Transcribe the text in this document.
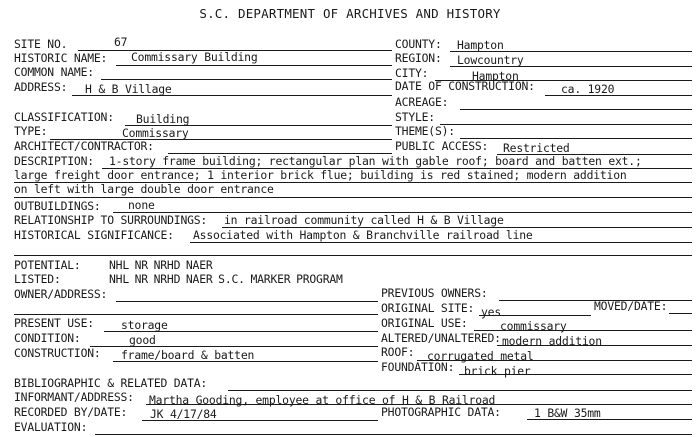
S.C. DEPARTMENT OF ARCHIVES AND HISTORY
SITE NO.	67
HISTORIC NAME: Commissary Building
COMMON NAME:
ADDRESS: H & B Village
COUNTY: Hampton
REGION: Lowcountry
CITY:	Hampton
DATE OF CONSTRUCTION: ca. 1920
ACREAGE:
CLASSIFICATION: Building	STYLE:
TYPE:	Commissary	THEME(S):
ARCHITECT/CONTRACTOR:	PUBLIC ACCESS: Restricted
DESCRIPTION: 1-story frame building; rectangular plan with gable roof; board and batten ext.;
large freight door entrance; 1 interior brick flue; building is red stained; modern addition
on left with large double door entrance
OUTBUILDINGS: none
RELATIONSHIP TO SURROUNDINGS: in railroad community called H & B Village
HISTORICAL SIGNIFICANCE: Associated with Hampton & Branchville railroad line
POTENTIAL: NHL NR NRHD NAER
LISTED:	NHL NR NRHD NAER S.C. MARKER PROGRAM
OWNER/ADDRESS:	PREVIOUS OWNERS:
ORIGINAL SITE: yes	MOVED/DATE:
PRESENT USE: storage	ORIGINAL USE:	commissary
CONDITION:	good	ALTERED/UNALTERED: modern addition
CONSTRUCTION: frame/board & batten	ROOF: corrugated metal
FOUNDATION: brick pier
BIBLIOGRAPHIC & RELATED DATA:
INFORMANT/ADDRESS: Martha Gooding, employee at office of H & B Railroad
RECORDED BY/DATE: JK 4/17/84	PHOTOGRAPHIC DATA:	1 B&W 35mm
EVALUATION:
